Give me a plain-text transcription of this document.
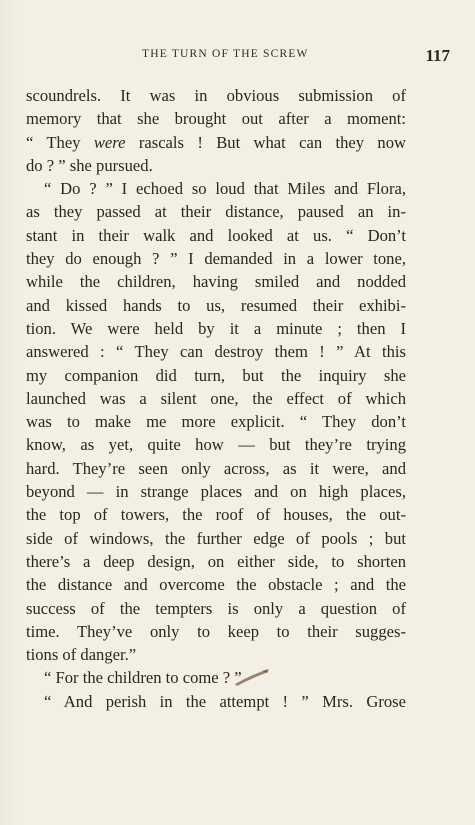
THE TURN OF THE SCREW	117
scoundrels. It was in obvious submission of
memory that she brought out after a moment:
“ They were rascals ! But what can they now
do ? ” she pursued.
“ Do ? ” I echoed so loud that Miles and Flora,
as they passed at their distance, paused an in-
stant in their walk and looked at us. “ Don’t
they do enough ? ” I demanded in a lower tone,
while the children, having smiled and nodded
and kissed hands to us, resumed their exhibi-
tion. We were held by it a minute ; then I
answered : “ They can destroy them ! ” At this
my companion did turn, but the inquiry she
launched was a silent one, the effect of which
was to make me more explicit. “ They don’t
know, as yet, quite how — but they’re trying
hard. They’re seen only across, as it were, and
beyond — in strange places and on high places,
the top of towers, the roof of houses, the out-
side of windows, the further edge of pools ; but
there’s a deep design, on either side, to shorten
the distance and overcome the obstacle ; and the
success of the tempters is only a question of
time. They’ve only to keep to their sugges-
tions of danger.”
“ For the children to come ? ”
“ And perish in the attempt ! ” Mrs. Grose
